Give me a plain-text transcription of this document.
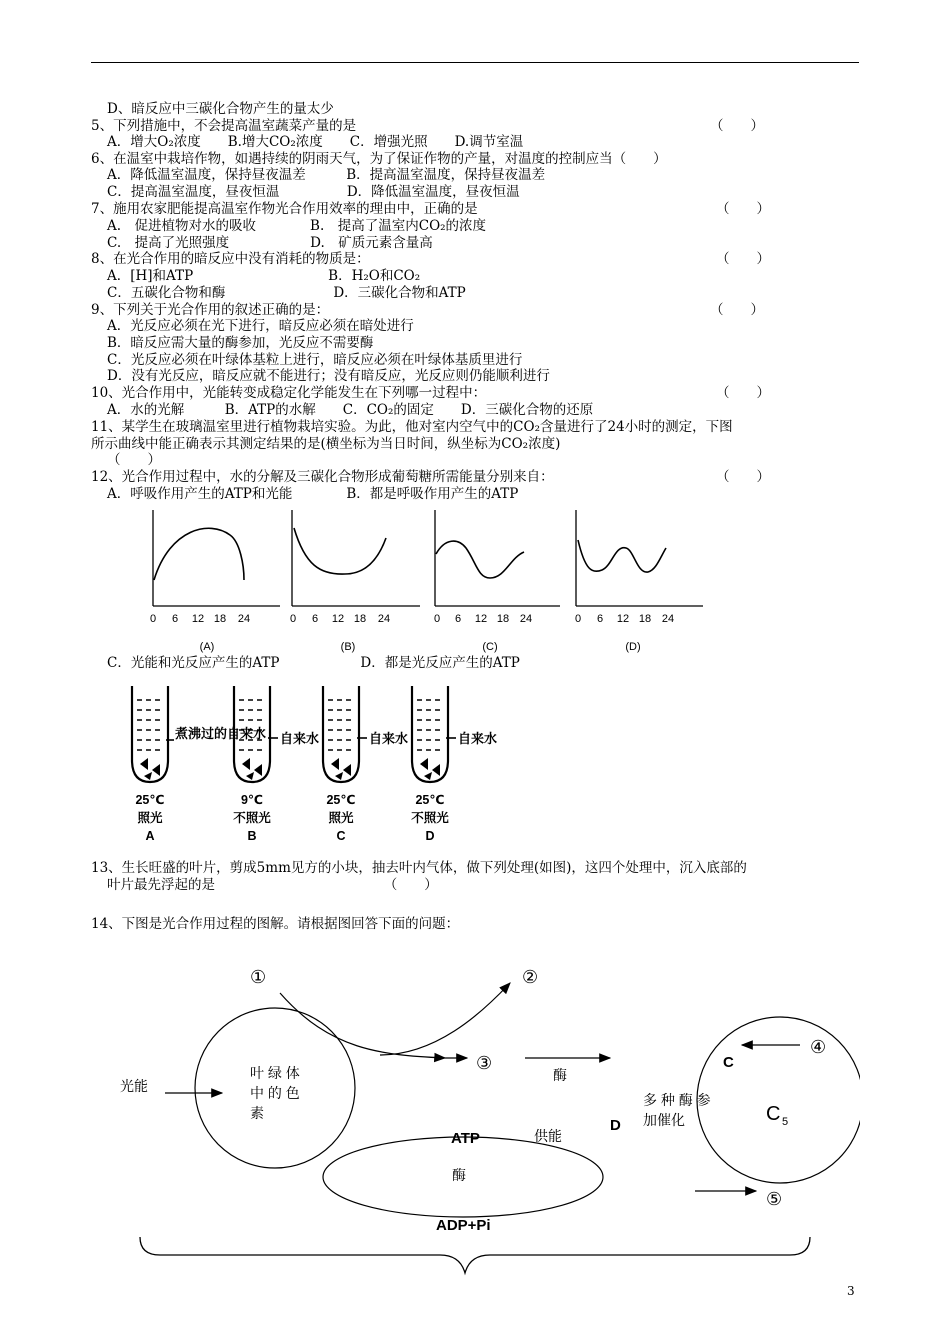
D、暗反应中三碳化合物产生的量太少
5、下列措施中，不会提高温室蔬菜产量的是	（　　）
A．增大O₂浓度　　B.增大CO₂浓度　　C．增强光照　　D.调节室温
6、在温室中栽培作物，如遇持续的阴雨天气，为了保证作物的产量，对温度的控制应当（　　）
A．降低温室温度，保持昼夜温差　　　B．提高温室温度，保持昼夜温差
C．提高温室温度，昼夜恒温　　　　　D．降低温室温度，昼夜恒温
7、施用农家肥能提高温室作物光合作用效率的理由中，正确的是	（　　）
A.　促进植物对水的吸收　　　　B.　提高了温室内CO₂的浓度
C.　提高了光照强度　　　　　　D.　矿质元素含量高
8、在光合作用的暗反应中没有消耗的物质是：	（　　）
A．[H]和ATP　　　　　　　　　　B．H₂O和CO₂
C．五碳化合物和酶　　　　　　　　D．三碳化合物和ATP
9、下列关于光合作用的叙述正确的是：	（　　）
A．光反应必须在光下进行，暗反应必须在暗处进行
B．暗反应需大量的酶参加，光反应不需要酶
C．光反应必须在叶绿体基粒上进行，暗反应必须在叶绿体基质里进行
D．没有光反应，暗反应就不能进行；没有暗反应，光反应则仍能顺利进行
10、光合作用中，光能转变成稳定化学能发生在下列哪一过程中：	（　　）
A．水的光解　　　B．ATP的水解　　C．CO₂的固定　　D．三碳化合物的还原
11、某学生在玻璃温室里进行植物栽培实验。为此，他对室内空气中的CO₂含量进行了24小时的测定，下图
所示曲线中能正确表示其测定结果的是(横坐标为当日时间，纵坐标为CO₂浓度)
（　　）
12、光合作用过程中，水的分解及三碳化合物形成葡萄糖所需能量分别来自：	（　　）
A．呼吸作用产生的ATP和光能　　　　B．都是呼吸作用产生的ATP
0 6 12 18 24	0 6 12 18 24	0 6 12 18 24	0 6 12 18 24
(A)	(B)	(C)	(D)
C．光能和光反应产生的ATP　　　　　　D．都是光反应产生的ATP
煮沸过的自来水 自来水	自来水	自来水
25℃
照光
A
9℃
不照光
B
25℃
照光
C
25℃
不照光
D
13、生长旺盛的叶片，剪成5mm见方的小块，抽去叶内气体，做下列处理(如图)，这四个处理中，沉入底部的
叶片最先浮起的是　　　　　　　　　　　　　（　　）
14、下图是光合作用过程的图解。请根据图回答下面的问题：
①	②
③
④
⑤
光能
叶 绿 体
中 的 色
素
酶
酶
供能
多 种 酶 参
加催化
ATP
ADP+Pi
C
D
C 5
3
